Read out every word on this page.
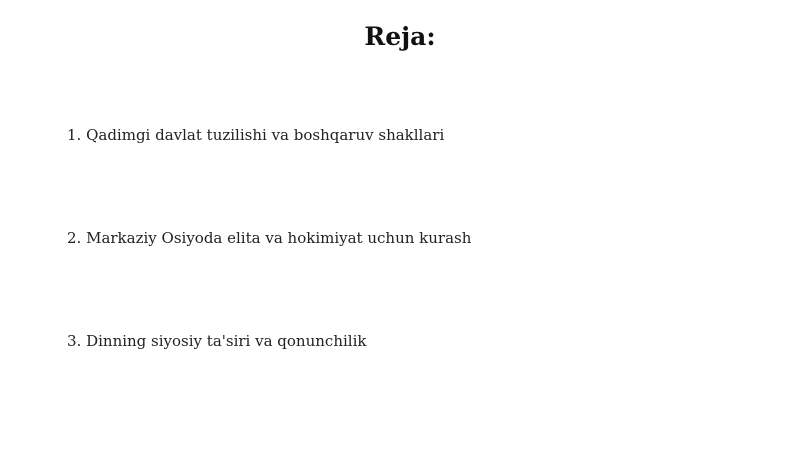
Reja:
1. Qadimgi davlat tuzilishi va boshqaruv shakllari
2. Markaziy Osiyoda elita va hokimiyat uchun kurash
3. Dinning siyosiy ta'siri va qonunchilik
